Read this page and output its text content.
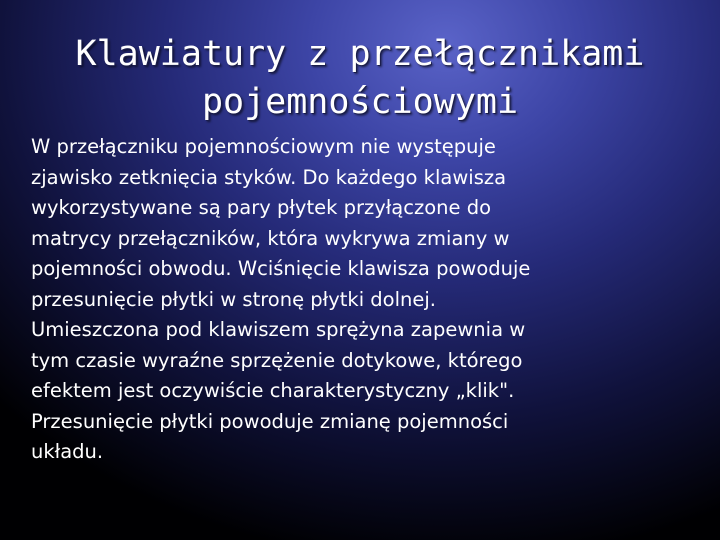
Klawiatury z przełącznikami
pojemnościowymi

W przełączniku pojemnościowym nie występuje
zjawisko zetknięcia styków. Do każdego klawisza
wykorzystywane są pary płytek przyłączone do
matrycy przełączników, która wykrywa zmiany w
pojemności obwodu. Wciśnięcie klawisza powoduje
przesunięcie płytki w stronę płytki dolnej.
Umieszczona pod klawiszem sprężyna zapewnia w
tym czasie wyraźne sprzężenie dotykowe, którego
efektem jest oczywiście charakterystyczny „klik".
Przesunięcie płytki powoduje zmianę pojemności
układu.
